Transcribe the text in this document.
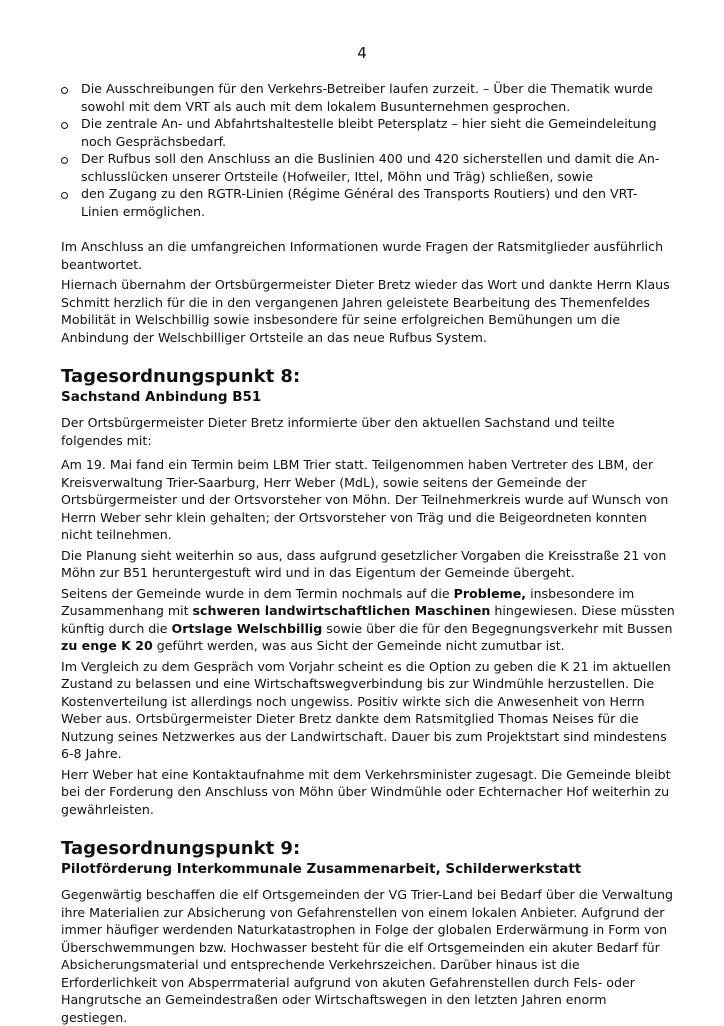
4
Die Ausschreibungen für den Verkehrs-Betreiber laufen zurzeit. – Über die Thematik wurde sowohl mit dem VRT als auch mit dem lokalem Busunternehmen gesprochen.
Die zentrale An- und Abfahrtshaltestelle bleibt Petersplatz – hier sieht die Gemeindeleitung noch Gesprächsbedarf.
Der Rufbus soll den Anschluss an die Buslinien 400 und 420 sicherstellen und damit die An-schlusslücken unserer Ortsteile (Hofweiler, Ittel, Möhn und Träg) schließen, sowie
den Zugang zu den RGTR-Linien (Régime Général des Transports Routiers) und den VRT-Linien ermöglichen.

Im Anschluss an die umfangreichen Informationen wurde Fragen der Ratsmitglieder ausführlich beantwortet.

Hiernach übernahm der Ortsbürgermeister Dieter Bretz wieder das Wort und dankte Herrn Klaus Schmitt herzlich für die in den vergangenen Jahren geleistete Bearbeitung des Themenfeldes Mobilität in Welschbillig sowie insbesondere für seine erfolgreichen Bemühungen um die Anbindung der Welschbilliger Ortsteile an das neue Rufbus System.

Tagesordnungspunkt 8:
Sachstand Anbindung B51

Der Ortsbürgermeister Dieter Bretz informierte über den aktuellen Sachstand und teilte folgendes mit:

Am 19. Mai fand ein Termin beim LBM Trier statt. Teilgenommen haben Vertreter des LBM, der Kreisverwaltung Trier-Saarburg, Herr Weber (MdL), sowie seitens der Gemeinde der Ortsbürgermeister und der Ortsvorsteher von Möhn. Der Teilnehmerkreis wurde auf Wunsch von Herrn Weber sehr klein gehalten; der Ortsvorsteher von Träg und die Beigeordneten konnten nicht teilnehmen.

Die Planung sieht weiterhin so aus, dass aufgrund gesetzlicher Vorgaben die Kreisstraße 21 von Möhn zur B51 heruntergestuft wird und in das Eigentum der Gemeinde übergeht.

Seitens der Gemeinde wurde in dem Termin nochmals auf die Probleme, insbesondere im Zusammenhang mit schweren landwirtschaftlichen Maschinen hingewiesen. Diese müssten künftig durch die Ortslage Welschbillig sowie über die für den Begegnungsverkehr mit Bussen zu enge K 20 geführt werden, was aus Sicht der Gemeinde nicht zumutbar ist.

Im Vergleich zu dem Gespräch vom Vorjahr scheint es die Option zu geben die K 21 im aktuellen Zustand zu belassen und eine Wirtschaftswegverbindung bis zur Windmühle herzustellen. Die Kostenverteilung ist allerdings noch ungewiss. Positiv wirkte sich die Anwesenheit von Herrn Weber aus. Ortsbürgermeister Dieter Bretz dankte dem Ratsmitglied Thomas Neises für die Nutzung seines Netzwerkes aus der Landwirtschaft. Dauer bis zum Projektstart sind mindestens 6-8 Jahre.

Herr Weber hat eine Kontaktaufnahme mit dem Verkehrsminister zugesagt. Die Gemeinde bleibt bei der Forderung den Anschluss von Möhn über Windmühle oder Echternacher Hof weiterhin zu gewährleisten.

Tagesordnungspunkt 9:
Pilotförderung Interkommunale Zusammenarbeit, Schilderwerkstatt

Gegenwärtig beschaffen die elf Ortsgemeinden der VG Trier-Land bei Bedarf über die Verwaltung ihre Materialien zur Absicherung von Gefahrenstellen von einem lokalen Anbieter. Aufgrund der immer häufiger werdenden Naturkatastrophen in Folge der globalen Erderwärmung in Form von Überschwemmungen bzw. Hochwasser besteht für die elf Ortsgemeinden ein akuter Bedarf für Absicherungsmaterial und entsprechende Verkehrszeichen. Darüber hinaus ist die Erforderlichkeit von Absperrmaterial aufgrund von akuten Gefahrenstellen durch Fels- oder Hangrutsche an Gemeindestraßen oder Wirtschaftswegen in den letzten Jahren enorm gestiegen.
